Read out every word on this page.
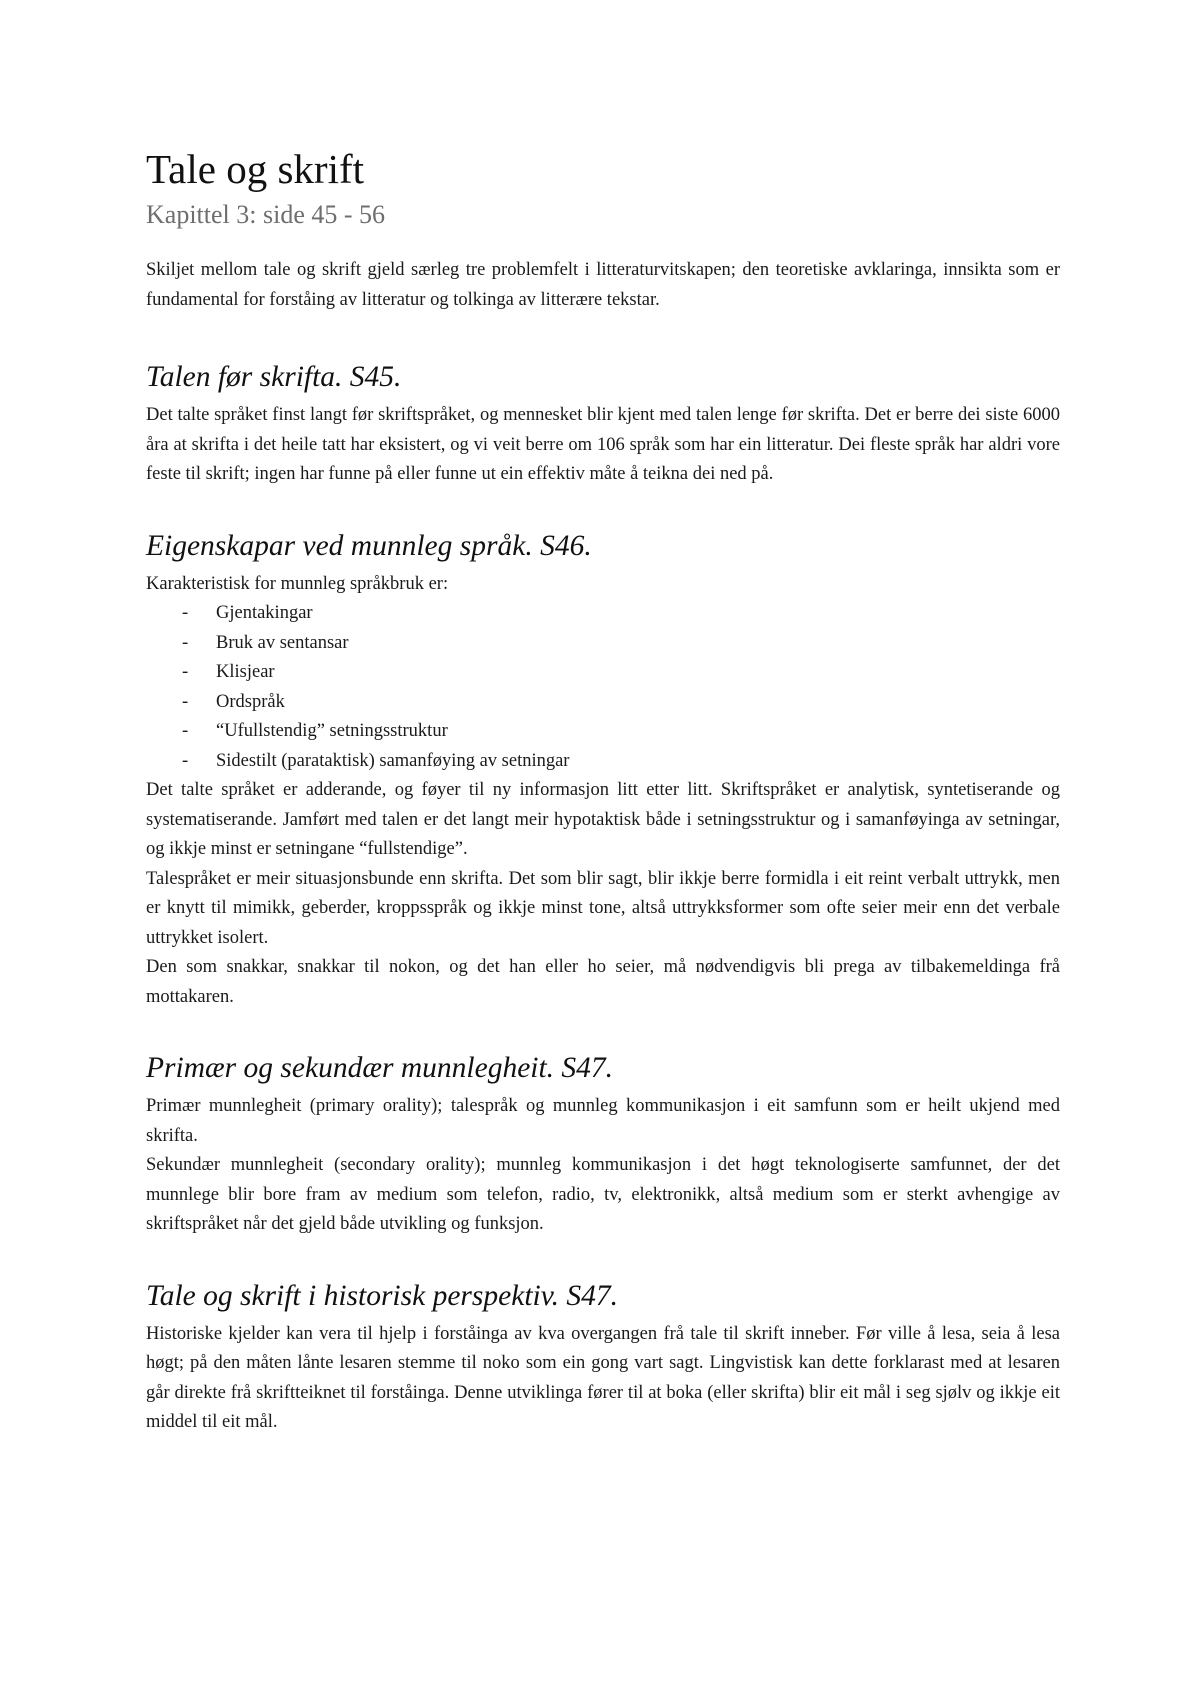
Tale og skrift
Kapittel 3: side 45 - 56

Skiljet mellom tale og skrift gjeld særleg tre problemfelt i litteraturvitskapen; den teoretiske avklaringa, innsikta som er fundamental for forståing av litteratur og tolkinga av litterære tekstar.

Talen før skrifta. S45.

Det talte språket finst langt før skriftspråket, og mennesket blir kjent med talen lenge før skrifta. Det er berre dei siste 6000 åra at skrifta i det heile tatt har eksistert, og vi veit berre om 106 språk som har ein litteratur. Dei fleste språk har aldri vore feste til skrift; ingen har funne på eller funne ut ein effektiv måte å teikna dei ned på.

Eigenskapar ved munnleg språk. S46.

Karakteristisk for munnleg språkbruk er:

- Gjentakingar
- Bruk av sentansar
- Klisjear
- Ordspråk
- “Ufullstendig” setningsstruktur
- Sidestilt (parataktisk) samanføying av setningar

Det talte språket er adderande, og føyer til ny informasjon litt etter litt. Skriftspråket er analytisk, syntetiserande og systematiserande. Jamført med talen er det langt meir hypotaktisk både i setningsstruktur og i samanføyinga av setningar, og ikkje minst er setningane “fullstendige”.

Talespråket er meir situasjonsbunde enn skrifta. Det som blir sagt, blir ikkje berre formidla i eit reint verbalt uttrykk, men er knytt til mimikk, geberder, kroppsspråk og ikkje minst tone, altså uttrykksformer som ofte seier meir enn det verbale uttrykket isolert.

Den som snakkar, snakkar til nokon, og det han eller ho seier, må nødvendigvis bli prega av tilbakemeldinga frå mottakaren.

Primær og sekundær munnlegheit. S47.

Primær munnlegheit (primary orality); talespråk og munnleg kommunikasjon i eit samfunn som er heilt ukjend med skrifta.

Sekundær munnlegheit (secondary orality); munnleg kommunikasjon i det høgt teknologiserte samfunnet, der det munnlege blir bore fram av medium som telefon, radio, tv, elektronikk, altså medium som er sterkt avhengige av skriftspråket når det gjeld både utvikling og funksjon.

Tale og skrift i historisk perspektiv. S47.

Historiske kjelder kan vera til hjelp i forståinga av kva overgangen frå tale til skrift inneber. Før ville å lesa, seia å lesa høgt; på den måten lånte lesaren stemme til noko som ein gong vart sagt. Lingvistisk kan dette forklarast med at lesaren går direkte frå skriftteiknet til forståinga. Denne utviklinga fører til at boka (eller skrifta) blir eit mål i seg sjølv og ikkje eit middel til eit mål.
